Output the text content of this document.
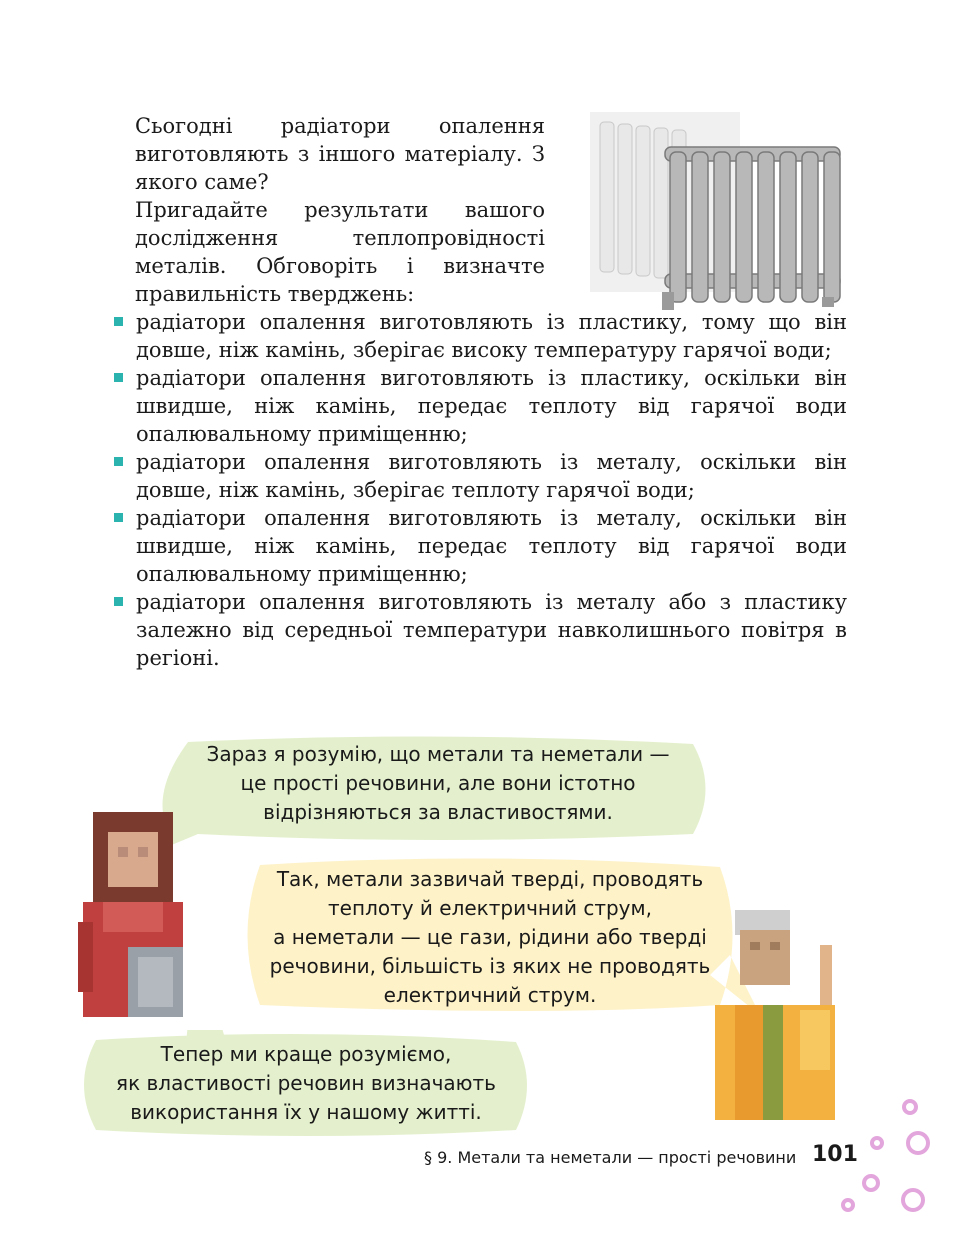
Сьогодні радіатори опалення виготовляють з іншого матеріалу. З якого саме?

Пригадайте результати вашого дослідження теплопровідності металів. Обговоріть і визначте правильність тверджень:

радіатори опалення виготовляють із пластику, тому що він довше, ніж камінь, зберігає високу температуру гарячої води;
радіатори опалення виготовляють із пластику, оскільки він швидше, ніж камінь, передає теплоту від гарячої води опалювальному приміщенню;
радіатори опалення виготовляють із металу, оскільки він довше, ніж камінь, зберігає теплоту гарячої води;
радіатори опалення виготовляють із металу, оскільки він швидше, ніж камінь, передає теплоту від гарячої води опалювальному приміщенню;
радіатори опалення виготовляють із металу або з пластику залежно від середньої температури навколишнього повітря в регіоні.
Зараз я розумію, що метали та неметали —
це прості речовини, але вони істотно
відрізняються за властивостями.
Так, метали зазвичай тверді, проводять
теплоту й електричний струм,
а неметали — це гази, рідини або тверді
речовини, більшість із яких не проводять
електричний струм.
Тепер ми краще розуміємо,
як властивості речовин визначають
використання їх у нашому житті.
§ 9. Метали та неметали — прості речовини 101
